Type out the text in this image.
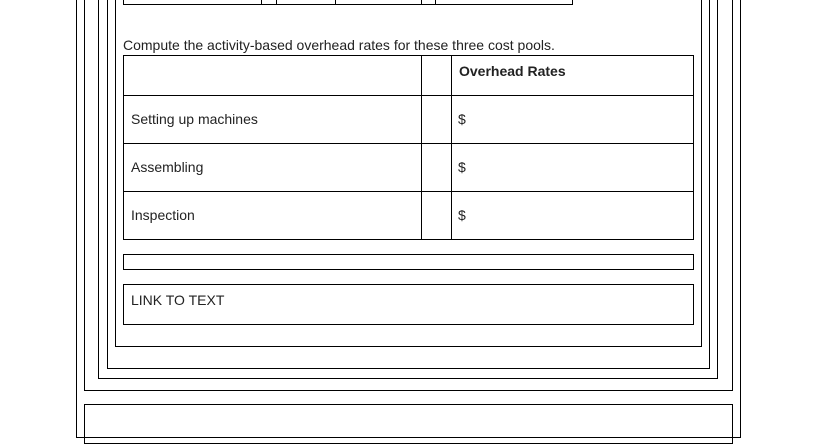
Compute the activity-based overhead rates for these three cost pools.
Overhead Rates
Setting up machines	$
Assembling	$
Inspection	$
LINK TO TEXT
